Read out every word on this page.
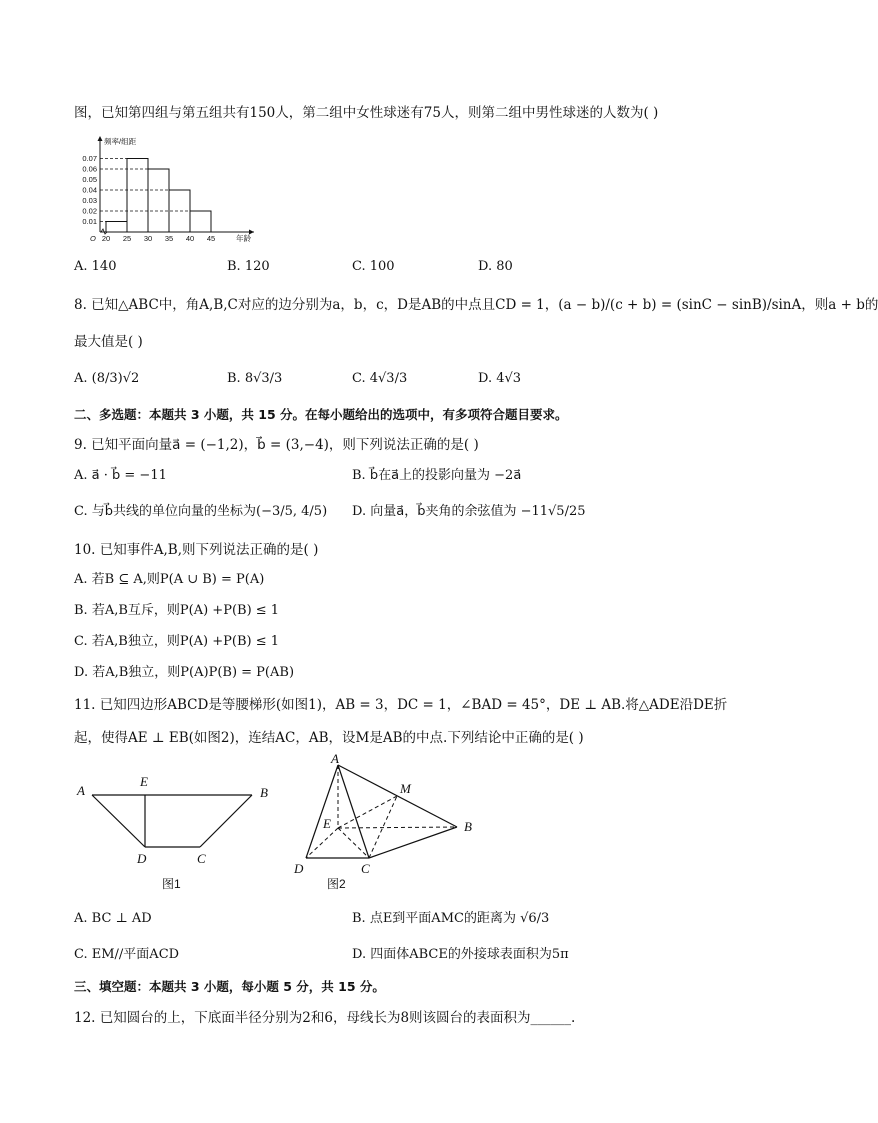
图，已知第四组与第五组共有150人，第二组中女性球迷有75人，则第二组中男性球迷的人数为( )
0.01
0.02
0.03
0.04
0.05
0.06
0.07
20 25 30 35 40 45
O
频率/组距
年龄
A. 140	B. 120	C. 100	D. 80
8. 已知△ABC中，角A,B,C对应的边分别为a，b，c，D是AB的中点且CD = 1，(a − b)/(c + b) = (sinC − sinB)/sinA，则a + b的
最大值是( )
A. (8/3)√2	B. 8√3/3	C. 4√3/3	D. 4√3
二、多选题：本题共 3 小题，共 15 分。在每小题给出的选项中，有多项符合题目要求。
9. 已知平面向量a⃗ = (−1,2)，b⃗ = (3,−4)，则下列说法正确的是( )
A. a⃗ · b⃗ = −11	B. b⃗在a⃗上的投影向量为 −2a⃗
C. 与b⃗共线的单位向量的坐标为(−3/5, 4/5) D. 向量a⃗，b⃗夹角的余弦值为 −11√5/25
10. 已知事件A,B,则下列说法正确的是( )
A. 若B ⊆ A,则P(A ∪ B) = P(A)
B. 若A,B互斥，则P(A) +P(B) ≤ 1
C. 若A,B独立，则P(A) +P(B) ≤ 1
D. 若A,B独立，则P(A)P(B) = P(AB)
11. 已知四边形ABCD是等腰梯形(如图1)，AB = 3，DC = 1，∠BAD = 45°，DE ⊥ AB.将△ADE沿DE折
起，使得AE ⊥ EB(如图2)，连结AC，AB，设M是AB的中点.下列结论中正确的是( )
A
E
B
D	C
图1
A
M
E	B
D	C
图2
A. BC ⊥ AD	B. 点E到平面AMC的距离为 √6/3
C. EM//平面ACD	D. 四面体ABCE的外接球表面积为5π
三、填空题：本题共 3 小题，每小题 5 分，共 15 分。
12. 已知圆台的上，下底面半径分别为2和6，母线长为8则该圆台的表面积为______.
